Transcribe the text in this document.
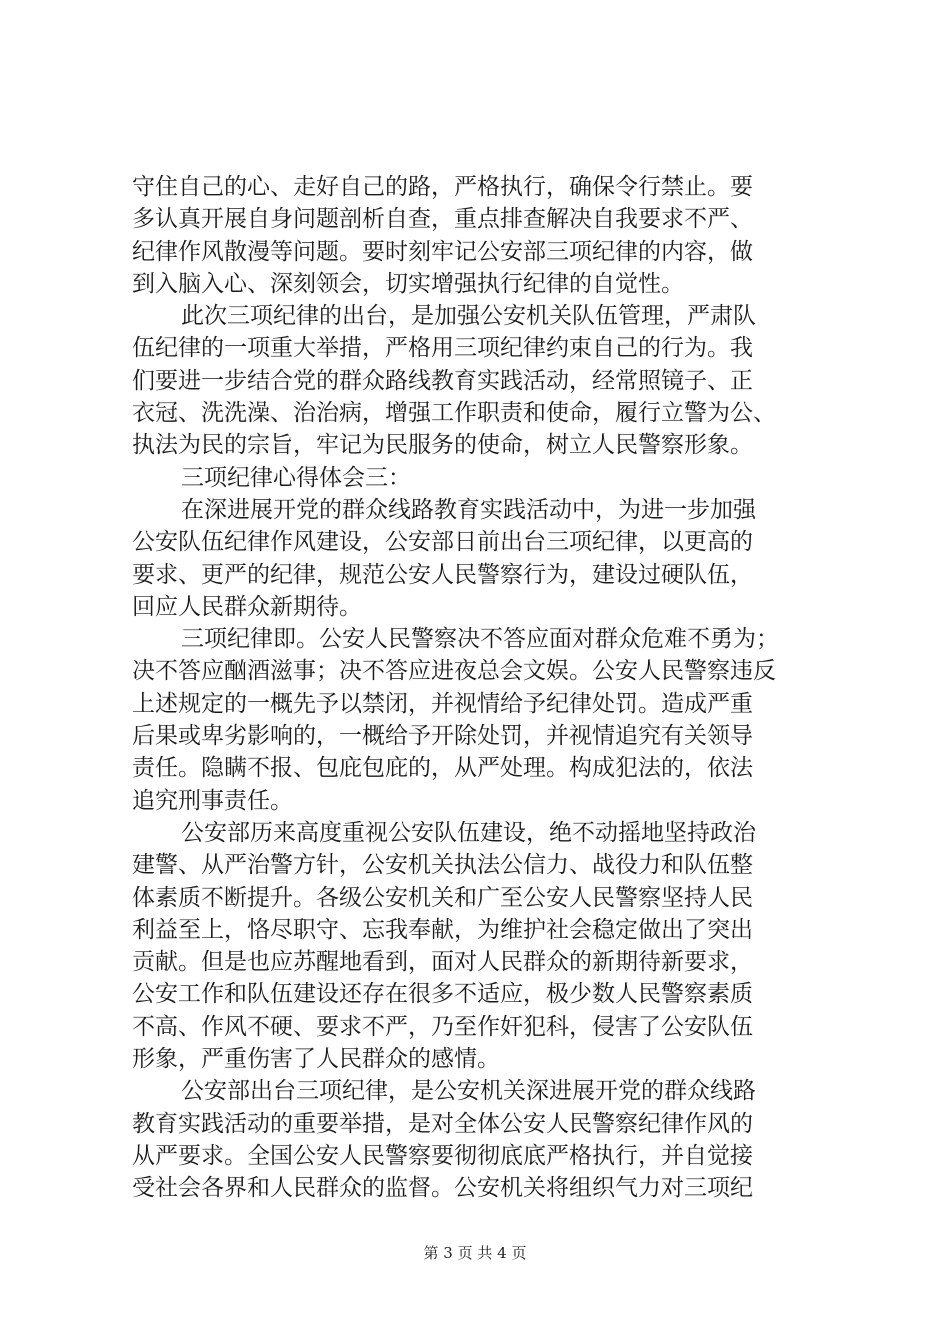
守住自己的心、走好自己的路，严格执行，确保令行禁止。要
多认真开展自身问题剖析自查，重点排查解决自我要求不严、
纪律作风散漫等问题。要时刻牢记公安部三项纪律的内容，做
到入脑入心、深刻领会，切实增强执行纪律的自觉性。
此次三项纪律的出台，是加强公安机关队伍管理，严肃队
伍纪律的一项重大举措，严格用三项纪律约束自己的行为。我
们要进一步结合党的群众路线教育实践活动，经常照镜子、正
衣冠、洗洗澡、治治病，增强工作职责和使命，履行立警为公、
执法为民的宗旨，牢记为民服务的使命，树立人民警察形象。
三项纪律心得体会三：
在深进展开党的群众线路教育实践活动中，为进一步加强
公安队伍纪律作风建设，公安部日前出台三项纪律，以更高的
要求、更严的纪律，规范公安人民警察行为，建设过硬队伍，
回应人民群众新期待。
三项纪律即。公安人民警察决不答应面对群众危难不勇为；
决不答应酗酒滋事；决不答应进夜总会文娱。公安人民警察违反
上述规定的一概先予以禁闭，并视情给予纪律处罚。造成严重
后果或卑劣影响的，一概给予开除处罚，并视情追究有关领导
责任。隐瞒不报、包庇包庇的，从严处理。构成犯法的，依法
追究刑事责任。
公安部历来高度重视公安队伍建设，绝不动摇地坚持政治
建警、从严治警方针，公安机关执法公信力、战役力和队伍整
体素质不断提升。各级公安机关和广至公安人民警察坚持人民
利益至上，恪尽职守、忘我奉献，为维护社会稳定做出了突出
贡献。但是也应苏醒地看到，面对人民群众的新期待新要求，
公安工作和队伍建设还存在很多不适应，极少数人民警察素质
不高、作风不硬、要求不严，乃至作奸犯科，侵害了公安队伍
形象，严重伤害了人民群众的感情。
公安部出台三项纪律，是公安机关深进展开党的群众线路
教育实践活动的重要举措，是对全体公安人民警察纪律作风的
从严要求。全国公安人民警察要彻彻底底严格执行，并自觉接
受社会各界和人民群众的监督。公安机关将组织气力对三项纪
第 3 页 共 4 页
